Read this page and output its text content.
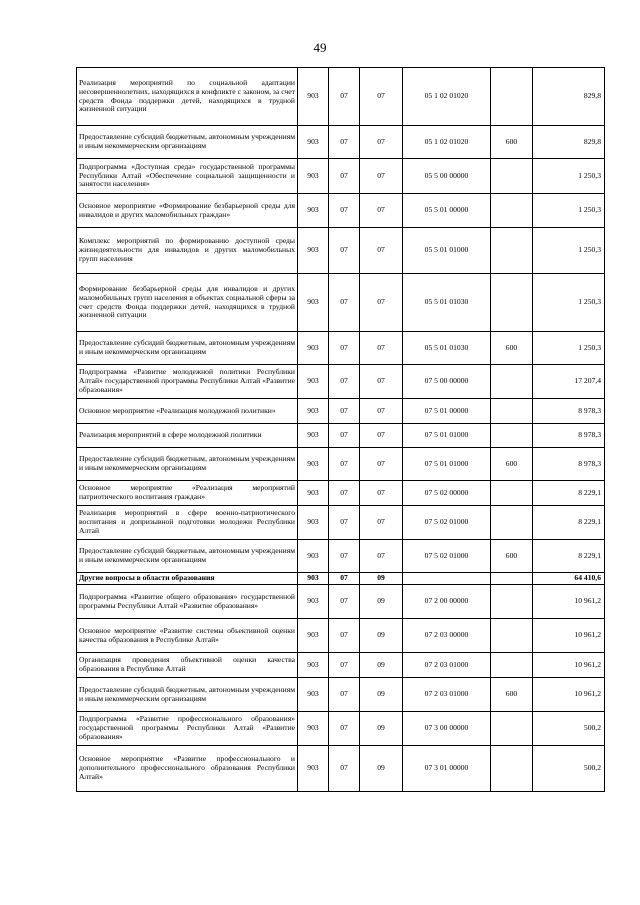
49
Реализация мероприятий по социальной адаптации несовершеннолетних, находящихся в конфликте с законом, за счет средств Фонда поддержки детей, находящихся в трудной жизненной ситуации	903	07	07	05 1 02 01020		829,8
Предоставление субсидий бюджетным, автономным учреждениям и иным некоммерческим организациям	903	07	07	05 1 02 01020	600	829,8
Подпрограмма «Доступная среда» государственной программы Республики Алтай «Обеспечение социальной защищенности и занятости населения»	903	07	07	05 5 00 00000		1 250,3
Основное мероприятие «Формирование безбарьерной среды для инвалидов и других маломобильных граждан»	903	07	07	05 5 01 00000		1 250,3
Комплекс мероприятий по формированию доступной среды жизнедеятельности для инвалидов и других маломобильных групп населения	903	07	07	05 5 01 01000		1 250,3
Формирование безбарьерной среды для инвалидов и других маломобильных групп населения в объектах социальной сферы за счет средств Фонда поддержки детей, находящихся в трудной жизненной ситуации	903	07	07	05 5 01 01030		1 250,3
Предоставление субсидий бюджетным, автономным учреждениям и иным некоммерческим организациям	903	07	07	05 5 01 01030	600	1 250,3
Подпрограмма «Развитие молодежной политики Республики Алтай» государственной программы Республики Алтай «Развитие образования»	903	07	07	07 5 00 00000		17 207,4
Основное мероприятие «Реализация молодежной политики»	903	07	07	07 5 01 00000		8 978,3
Реализация мероприятий в сфере молодежной политики	903	07	07	07 5 01 01000		8 978,3
Предоставление субсидий бюджетным, автономным учреждениям и иным некоммерческим организациям	903	07	07	07 5 01 01000	600	8 978,3
Основное мероприятие «Реализация мероприятий патриотического воспитания граждан»	903	07	07	07 5 02 00000		8 229,1
Реализация мероприятий в сфере военно-патриотического воспитания и допризывной подготовки молодежи Республики Алтай	903	07	07	07 5 02 01000		8 229,1
Предоставление субсидий бюджетным, автономным учреждениям и иным некоммерческим организациям	903	07	07	07 5 02 01000	600	8 229,1
Другие вопросы в области образования	903	07	09			64 410,6
Подпрограмма «Развитие общего образования» государственной программы Республики Алтай «Развитие образования»	903	07	09	07 2 00 00000		10 961,2
Основное мероприятие «Развитие системы объективной оценки качества образования в Республике Алтай»	903	07	09	07 2 03 00000		10 961,2
Организация проведения объективной оценки качества образования в Республике Алтай	903	07	09	07 2 03 01000		10 961,2
Предоставление субсидий бюджетным, автономным учреждениям и иным некоммерческим организациям	903	07	09	07 2 03 01000	600	10 961,2
Подпрограмма «Развитие профессионального образования» государственной программы Республики Алтай «Развитие образования»	903	07	09	07 3 00 00000		500,2
Основное мероприятие «Развитие профессионального и дополнительного профессионального образования Республики Алтай»	903	07	09	07 3 01 00000		500,2
